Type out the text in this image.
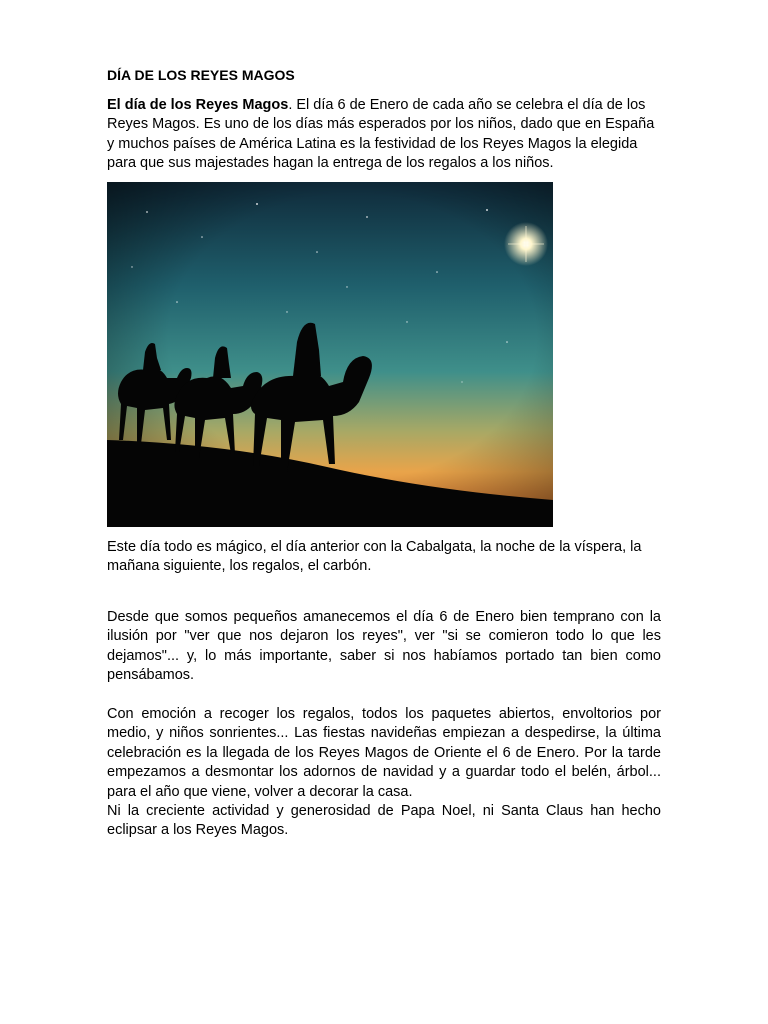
DÍA DE LOS REYES MAGOS

El día de los Reyes Magos. El día 6 de Enero de cada año se celebra el día de los Reyes Magos. Es uno de los días más esperados por los niños, dado que en España y muchos países de América Latina es la festividad de los Reyes Magos la elegida para que sus majestades hagan la entrega de los regalos a los niños.

Este día todo es mágico, el día anterior con la Cabalgata, la noche de la víspera, la mañana siguiente, los regalos, el carbón.

Desde que somos pequeños amanecemos el día 6 de Enero bien temprano con la ilusión por "ver que nos dejaron los reyes", ver "si se comieron todo lo que les dejamos"... y, lo más importante, saber si nos habíamos portado tan bien como pensábamos.

Con emoción a recoger los regalos, todos los paquetes abiertos, envoltorios por medio, y niños sonrientes... Las fiestas navideñas empiezan a despedirse, la última celebración es la llegada de los Reyes Magos de Oriente el 6 de Enero. Por la tarde empezamos a desmontar los adornos de navidad y a guardar todo el belén, árbol... para el año que viene, volver a decorar la casa.

Ni la creciente actividad y generosidad de Papa Noel, ni Santa Claus han hecho eclipsar a los Reyes Magos.
